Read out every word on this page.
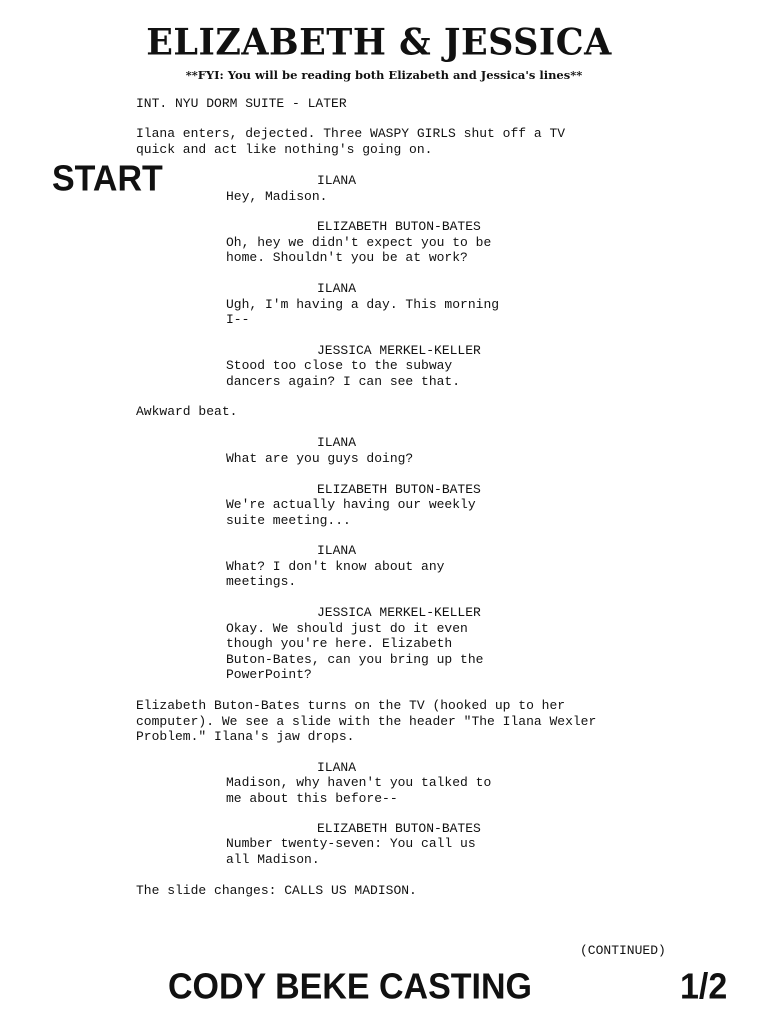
ELIZABETH & JESSICA
**FYI: You will be reading both Elizabeth and Jessica's lines**
START
INT. NYU DORM SUITE - LATER
Ilana enters, dejected. Three WASPY GIRLS shut off a TV
quick and act like nothing's going on.
ILANA
Hey, Madison.
ELIZABETH BUTON-BATES
Oh, hey we didn't expect you to be
home. Shouldn't you be at work?
ILANA
Ugh, I'm having a day. This morning
I--
JESSICA MERKEL-KELLER
Stood too close to the subway
dancers again? I can see that.
Awkward beat.
ILANA
What are you guys doing?
ELIZABETH BUTON-BATES
We're actually having our weekly
suite meeting...
ILANA
What? I don't know about any
meetings.
JESSICA MERKEL-KELLER
Okay. We should just do it even
though you're here. Elizabeth
Buton-Bates, can you bring up the
PowerPoint?
Elizabeth Buton-Bates turns on the TV (hooked up to her
computer). We see a slide with the header "The Ilana Wexler
Problem." Ilana's jaw drops.
ILANA
Madison, why haven't you talked to
me about this before--
ELIZABETH BUTON-BATES
Number twenty-seven: You call us
all Madison.
The slide changes: CALLS US MADISON.
(CONTINUED)
CODY BEKE CASTING	1/2
